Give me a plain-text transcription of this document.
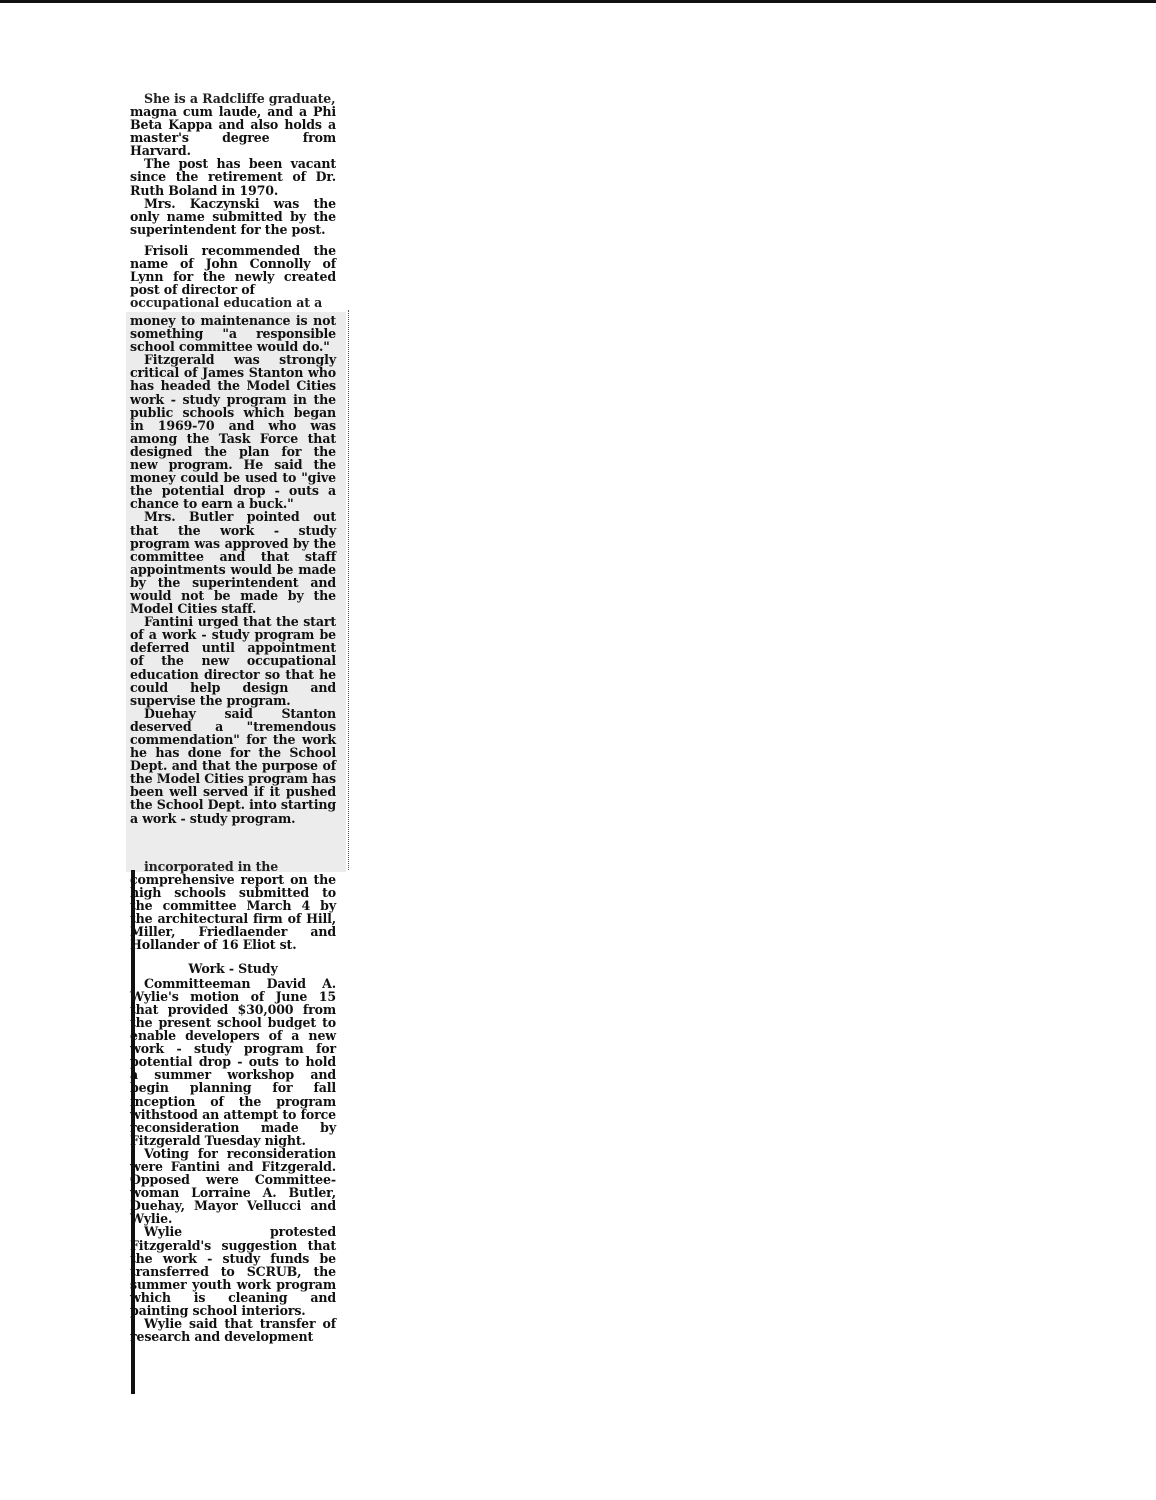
She is a Radcliffe graduate,

magna cum laude, and a Phi Beta Kappa and also holds a master's degree from Harvard.

The post has been vacant since the retirement of Dr. Ruth Boland in 1970.

Mrs. Kaczynski was the only name submitted by the superintendent for the post.

Frisoli recommended the name of John Connolly of Lynn for the newly created post of director of

occupational education at a

money to maintenance is not something "a responsible school committee would do."

Fitzgerald was strongly critical of James Stanton who has headed the Model Cities work - study program in the public schools which began in 1969-70 and who was among the Task Force that designed the plan for the new program. He said the money could be used to "give the potential drop - outs a chance to earn a buck."

Mrs. Butler pointed out that the work - study program was approved by the committee and that staff appointments would be made by the superintendent and would not be made by the Model Cities staff.

Fantini urged that the start of a work - study program be deferred until appointment of the new occupational education director so that he could help design and supervise the program.

Duehay said Stanton deserved a "tremendous commendation" for the work he has done for the School Dept. and that the purpose of the Model Cities program has been well served if it pushed the School Dept. into starting a work - study program.

incorporated in the

comprehensive report on the high schools submitted to the committee March 4 by the architectural firm of Hill, Miller, Friedlaender and Hollander of 16 Eliot st.

Work - Study

Committeeman David A. Wylie's motion of June 15 that provided $30,000 from the present school budget to enable developers of a new work - study program for potential drop - outs to hold a summer workshop and begin planning for fall inception of the program withstood an attempt to force reconsideration made by Fitzgerald Tuesday night.

Voting for reconsideration were Fantini and Fitzgerald. Opposed were Committee-woman Lorraine A. Butler, Duehay, Mayor Vellucci and Wylie.

Wylie protested Fitzgerald's suggestion that the work - study funds be transferred to SCRUB, the summer youth work program which is cleaning and painting school interiors.

Wylie said that transfer of research and development
